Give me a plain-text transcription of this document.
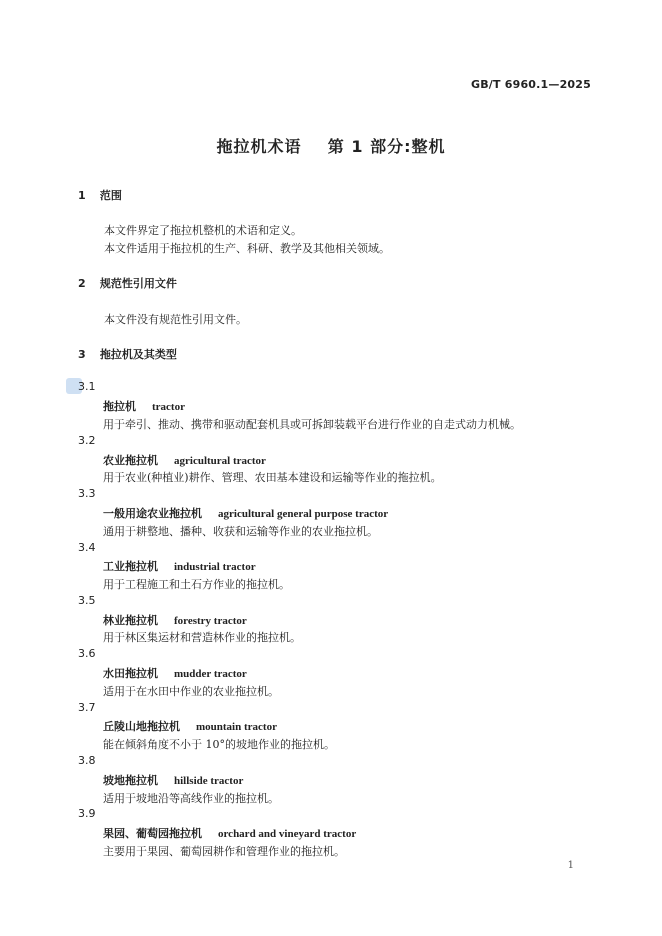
GB/T 6960.1—2025
拖拉机术语    第 1 部分:整机
1 范围
本文件界定了拖拉机整机的术语和定义。
本文件适用于拖拉机的生产、科研、教学及其他相关领域。
2 规范性引用文件
本文件没有规范性引用文件。
3 拖拉机及其类型
3.1
拖拉机 tractor
用于牵引、推动、携带和驱动配套机具或可拆卸装载平台进行作业的自走式动力机械。
3.2
农业拖拉机 agricultural tractor
用于农业(种植业)耕作、管理、农田基本建设和运输等作业的拖拉机。
3.3
一般用途农业拖拉机 agricultural general purpose tractor
通用于耕整地、播种、收获和运输等作业的农业拖拉机。
3.4
工业拖拉机 industrial tractor
用于工程施工和土石方作业的拖拉机。
3.5
林业拖拉机 forestry tractor
用于林区集运材和营造林作业的拖拉机。
3.6
水田拖拉机 mudder tractor
适用于在水田中作业的农业拖拉机。
3.7
丘陵山地拖拉机 mountain tractor
能在倾斜角度不小于 10°的坡地作业的拖拉机。
3.8
坡地拖拉机 hillside tractor
适用于坡地沿等高线作业的拖拉机。
3.9
果园、葡萄园拖拉机 orchard and vineyard tractor
主要用于果园、葡萄园耕作和管理作业的拖拉机。
1
